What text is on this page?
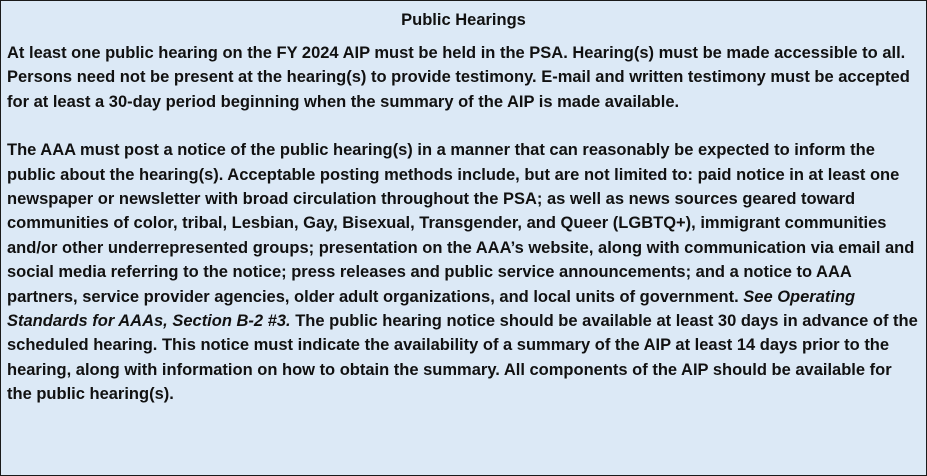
Public Hearings

At least one public hearing on the FY 2024 AIP must be held in the PSA. Hearing(s) must be made accessible to all. Persons need not be present at the hearing(s) to provide testimony. E-mail and written testimony must be accepted for at least a 30-day period beginning when the summary of the AIP is made available.

The AAA must post a notice of the public hearing(s) in a manner that can reasonably be expected to inform the public about the hearing(s). Acceptable posting methods include, but are not limited to: paid notice in at least one newspaper or newsletter with broad circulation throughout the PSA; as well as news sources geared toward communities of color, tribal, Lesbian, Gay, Bisexual, Transgender, and Queer (LGBTQ+), immigrant communities and/or other underrepresented groups; presentation on the AAA’s website, along with communication via email and social media referring to the notice; press releases and public service announcements; and a notice to AAA partners, service provider agencies, older adult organizations, and local units of government. See Operating Standards for AAAs, Section B-2 #3. The public hearing notice should be available at least 30 days in advance of the scheduled hearing. This notice must indicate the availability of a summary of the AIP at least 14 days prior to the hearing, along with information on how to obtain the summary. All components of the AIP should be available for the public hearing(s).
